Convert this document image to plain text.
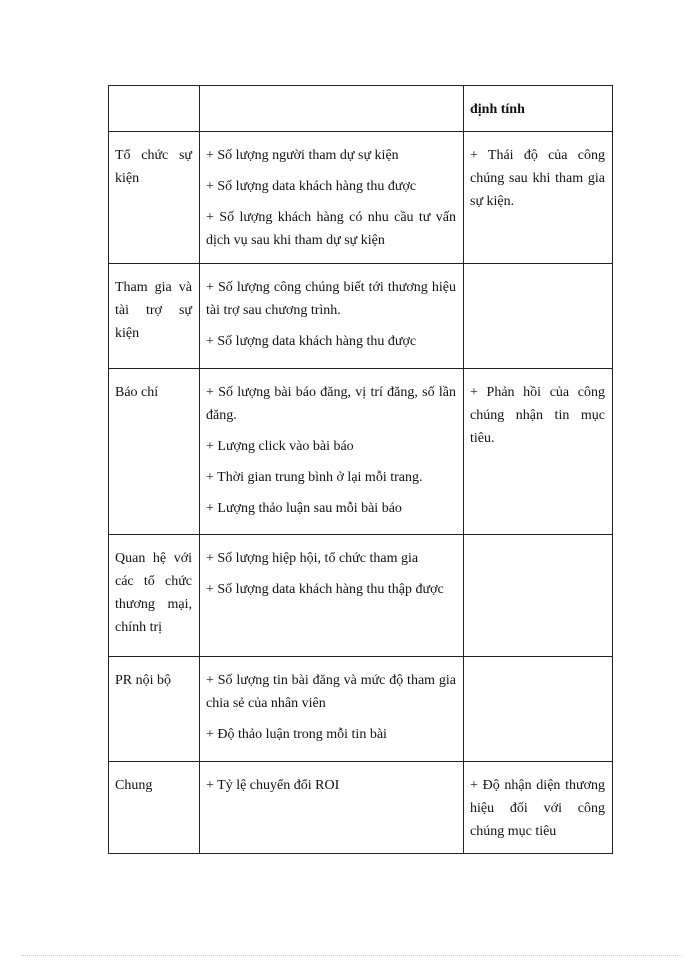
		định tính
Tổ chức sự kiện	+ Số lượng người tham dự sự kiện
+ Số lượng data khách hàng thu được
+ Số lượng khách hàng có nhu cầu tư vấn dịch vụ sau khi tham dự sự kiện	+ Thái độ của công chúng sau khi tham gia sự kiện.
Tham gia và tài trợ sự kiện	+ Số lượng công chúng biết tới thương hiệu tài trợ sau chương trình.
+ Số lượng data khách hàng thu được	

Báo chí	+ Số lượng bài báo đăng, vị trí đăng, số lần đăng.
+ Lượng click vào bài báo
+ Thời gian trung bình ở lại mỗi trang.
+ Lượng thảo luận sau mỗi bài báo	+ Phản hồi của công chúng nhận tin mục tiêu.
Quan hệ với các tổ chức thương mại, chính trị	+ Số lượng hiệp hội, tổ chức tham gia
+ Số lượng data khách hàng thu thập được	

PR nội bộ	+ Số lượng tin bài đăng và mức độ tham gia chia sẻ của nhân viên
+ Độ thảo luận trong mỗi tin bài	

Chung	+ Tỷ lệ chuyển đổi ROI	+ Độ nhận diện thương hiệu đối với công chúng mục tiêu
